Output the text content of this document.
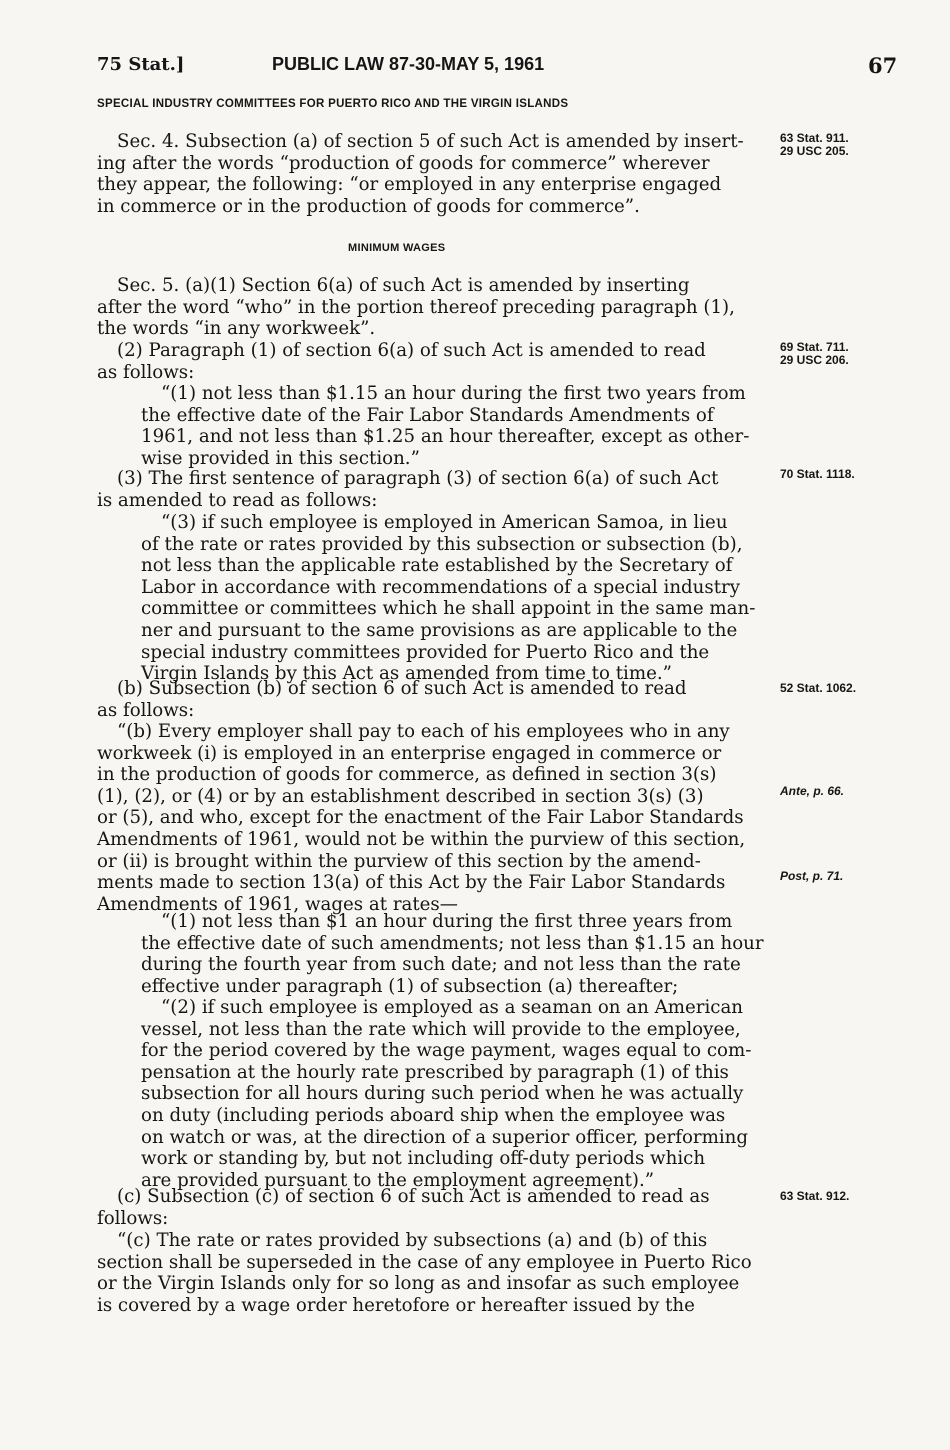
75 Stat.]	PUBLIC LAW 87-30-MAY 5, 1961	67
SPECIAL INDUSTRY COMMITTEES FOR PUERTO RICO AND THE VIRGIN ISLANDS
Sec. 4. Subsection (a) of section 5 of such Act is amended by insert-
ing after the words “production of goods for commerce” wherever
they appear, the following: “or employed in any enterprise engaged
in commerce or in the production of goods for commerce”.
MINIMUM WAGES
Sec. 5. (a)(1) Section 6(a) of such Act is amended by inserting
after the word “who” in the portion thereof preceding paragraph (1),
the words “in any workweek”.
(2) Paragraph (1) of section 6(a) of such Act is amended to read
as follows:
“(1) not less than $1.15 an hour during the first two years from
the effective date of the Fair Labor Standards Amendments of
1961, and not less than $1.25 an hour thereafter, except as other-
wise provided in this section.”
(3) The first sentence of paragraph (3) of section 6(a) of such Act
is amended to read as follows:
“(3) if such employee is employed in American Samoa, in lieu
of the rate or rates provided by this subsection or subsection (b),
not less than the applicable rate established by the Secretary of
Labor in accordance with recommendations of a special industry
committee or committees which he shall appoint in the same man-
ner and pursuant to the same provisions as are applicable to the
special industry committees provided for Puerto Rico and the
Virgin Islands by this Act as amended from time to time.”
(b) Subsection (b) of section 6 of such Act is amended to read
as follows:
“(b) Every employer shall pay to each of his employees who in any
workweek (i) is employed in an enterprise engaged in commerce or
in the production of goods for commerce, as defined in section 3(s)
(1), (2), or (4) or by an establishment described in section 3(s) (3)
or (5), and who, except for the enactment of the Fair Labor Standards
Amendments of 1961, would not be within the purview of this section,
or (ii) is brought within the purview of this section by the amend-
ments made to section 13(a) of this Act by the Fair Labor Standards
Amendments of 1961, wages at rates—
“(1) not less than $1 an hour during the first three years from
the effective date of such amendments; not less than $1.15 an hour
during the fourth year from such date; and not less than the rate
effective under paragraph (1) of subsection (a) thereafter;
“(2) if such employee is employed as a seaman on an American
vessel, not less than the rate which will provide to the employee,
for the period covered by the wage payment, wages equal to com-
pensation at the hourly rate prescribed by paragraph (1) of this
subsection for all hours during such period when he was actually
on duty (including periods aboard ship when the employee was
on watch or was, at the direction of a superior officer, performing
work or standing by, but not including off-duty periods which
are provided pursuant to the employment agreement).”
(c) Subsection (c) of section 6 of such Act is amended to read as
follows:
“(c) The rate or rates provided by subsections (a) and (b) of this
section shall be superseded in the case of any employee in Puerto Rico
or the Virgin Islands only for so long as and insofar as such employee
is covered by a wage order heretofore or hereafter issued by the
63 Stat. 911.
29 USC 205.
69 Stat. 711.
29 USC 206.
70 Stat. 1118.
52 Stat. 1062.
Ante, p. 66.
Post, p. 71.
63 Stat. 912.
